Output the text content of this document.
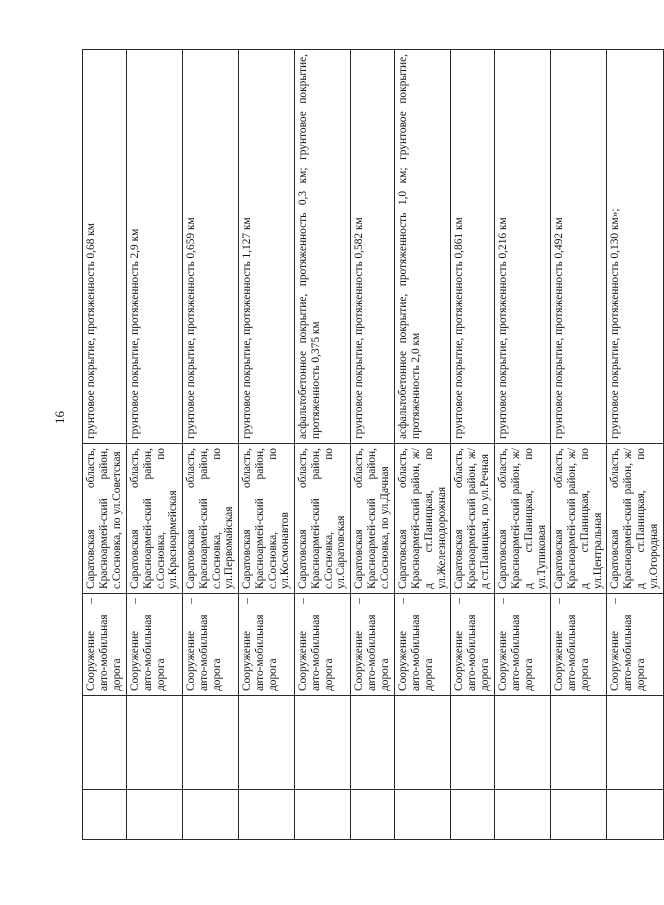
16
		Сооружение – авто-мобильная дорога	Саратовская область, Красноармей-ский район, с.Сосновка, по ул.Советская	грунтовое покрытие, протяженность 0,68 км
		Сооружение – авто-мобильная дорога	Саратовская область, Красноармей-ский район, с.Сосновка, по ул.Красноармейская	грунтовое покрытие, протяженность 2,9 км
		Сооружение – авто-мобильная дорога	Саратовская область, Красноармей-ский район, с.Сосновка, по ул.Первомайская	грунтовое покрытие, протяженность 0,659 км
		Сооружение – авто-мобильная дорога	Саратовская область, Красноармей-ский район, с.Сосновка, по ул.Космонавтов	грунтовое покрытие, протяженность 1,127 км
		Сооружение – авто-мобильная дорога	Саратовская область, Красноармей-ский район, с.Сосновка, по ул.Саратовская	асфальтобетонное покрытие, протяженность 0,3 км; грунтовое покрытие, протяженность 0,375 км
		Сооружение – авто-мобильная дорога	Саратовская область, Красноармей-ский район, с.Сосновка, по ул.Дачная	грунтовое покрытие, протяженность 0,582 км
		Сооружение – авто-мобильная дорога	Саратовская область, Красноармей-ский район, ж/д ст.Паницкая, по ул.Железнодорожная	асфальтобетонное покрытие, протяженность 1,0 км; грунтовое покрытие, протяженность 2,0 км
		Сооружение – авто-мобильная дорога	Саратовская область, Красноармей-ский район, ж/д ст.Паницкая, по ул.Речная	грунтовое покрытие, протяженность 0,861 км
		Сооружение – авто-мобильная дорога	Саратовская область, Красноармей-ский район, ж/д ст.Паницкая, по ул.Тупиковая	грунтовое покрытие, протяженность 0,216 км
		Сооружение – авто-мобильная дорога	Саратовская область, Красноармей-ский район, ж/д ст.Паницкая, по ул.Центральная	грунтовое покрытие, протяженность 0,492 км
		Сооружение – авто-мобильная дорога	Саратовская область, Красноармей-ский район, ж/д ст.Паницкая, по ул.Огородная	грунтовое покрытие, протяженность 0,130 км»;
